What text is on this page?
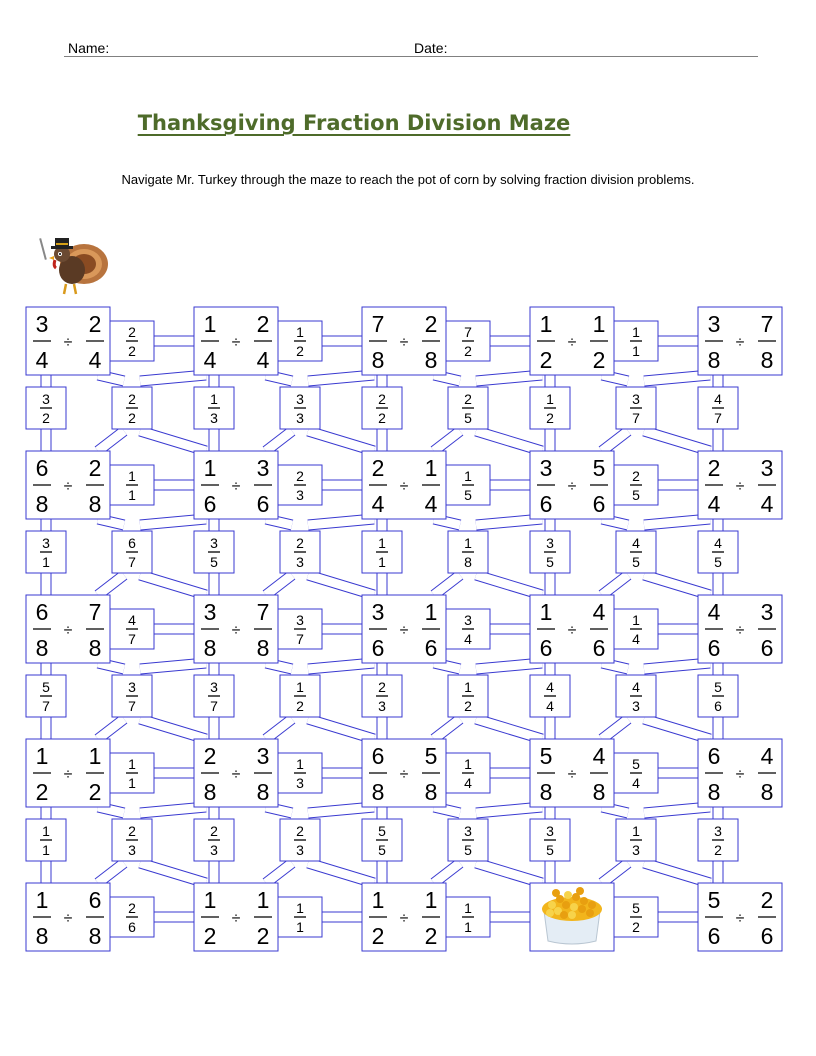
Name:	Date:
Thanksgiving Fraction Division Maze
Navigate Mr. Turkey through the maze to reach the pot of corn by solving fraction division problems.
3
4
÷
2
4
1
4
÷
2
4
7
8
÷
2
8
1
2
÷
1
2
3
8
÷
7
8
6
8
÷
2
8
1
6
÷
3
6
2
4
÷
1
4
3
6
÷
5
6
2
4
÷
3
4
6
8
÷
7
8
3
8
÷
7
8
3
6
÷
1
6
1
6
÷
4
6
4
6
÷
3
6
1
2
÷
1
2
2
8
÷
3
8
6
8
÷
5
8
5
8
÷
4
8
6
8
÷
4
8
1
8
÷
6
8
1
2
÷
1
2
1
2
÷
1
2
5
6
÷
2
6
2
2
1
2
7
2
1
1
1
1
2
3
1
5
2
5
4
7
3
7
3
4
1
4
1
1
1
3
1
4
5
4
2
6
1
1
1
1
5
2
3
2
2
2
1
3
3
3
2
2
2
5
1
2
3
7
4
7
3
1
6
7
3
5
2
3
1
1
1
8
3
5
4
5
4
5
5
7
3
7
3
7
1
2
2
3
1
2
4
4
4
3
5
6
1
1
2
3
2
3
2
3
5
5
3
5
3
5
1
3
3
2
